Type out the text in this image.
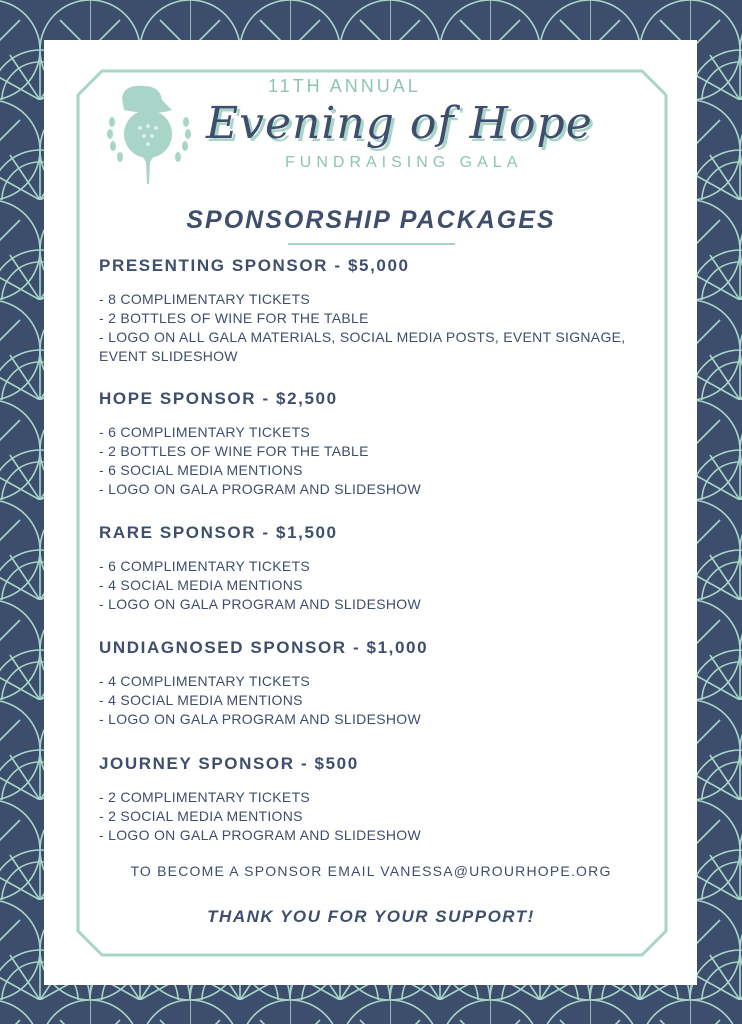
11TH ANNUAL
Evening of Hope
FUNDRAISING GALA
SPONSORSHIP PACKAGES
PRESENTING SPONSOR - $5,000
- 8 COMPLIMENTARY TICKETS
- 2 BOTTLES OF WINE FOR THE TABLE
- LOGO ON ALL GALA MATERIALS, SOCIAL MEDIA POSTS, EVENT SIGNAGE, EVENT SLIDESHOW
HOPE SPONSOR - $2,500
- 6 COMPLIMENTARY TICKETS
- 2 BOTTLES OF WINE FOR THE TABLE
- 6 SOCIAL MEDIA MENTIONS
- LOGO ON GALA PROGRAM AND SLIDESHOW
RARE SPONSOR - $1,500
- 6 COMPLIMENTARY TICKETS
- 4 SOCIAL MEDIA MENTIONS
- LOGO ON GALA PROGRAM AND SLIDESHOW
UNDIAGNOSED SPONSOR - $1,000
- 4 COMPLIMENTARY TICKETS
- 4 SOCIAL MEDIA MENTIONS
- LOGO ON GALA PROGRAM AND SLIDESHOW
JOURNEY SPONSOR - $500
- 2 COMPLIMENTARY TICKETS
- 2 SOCIAL MEDIA MENTIONS
- LOGO ON GALA PROGRAM AND SLIDESHOW
TO BECOME A SPONSOR EMAIL VANESSA@UROURHOPE.ORG
THANK YOU FOR YOUR SUPPORT!
